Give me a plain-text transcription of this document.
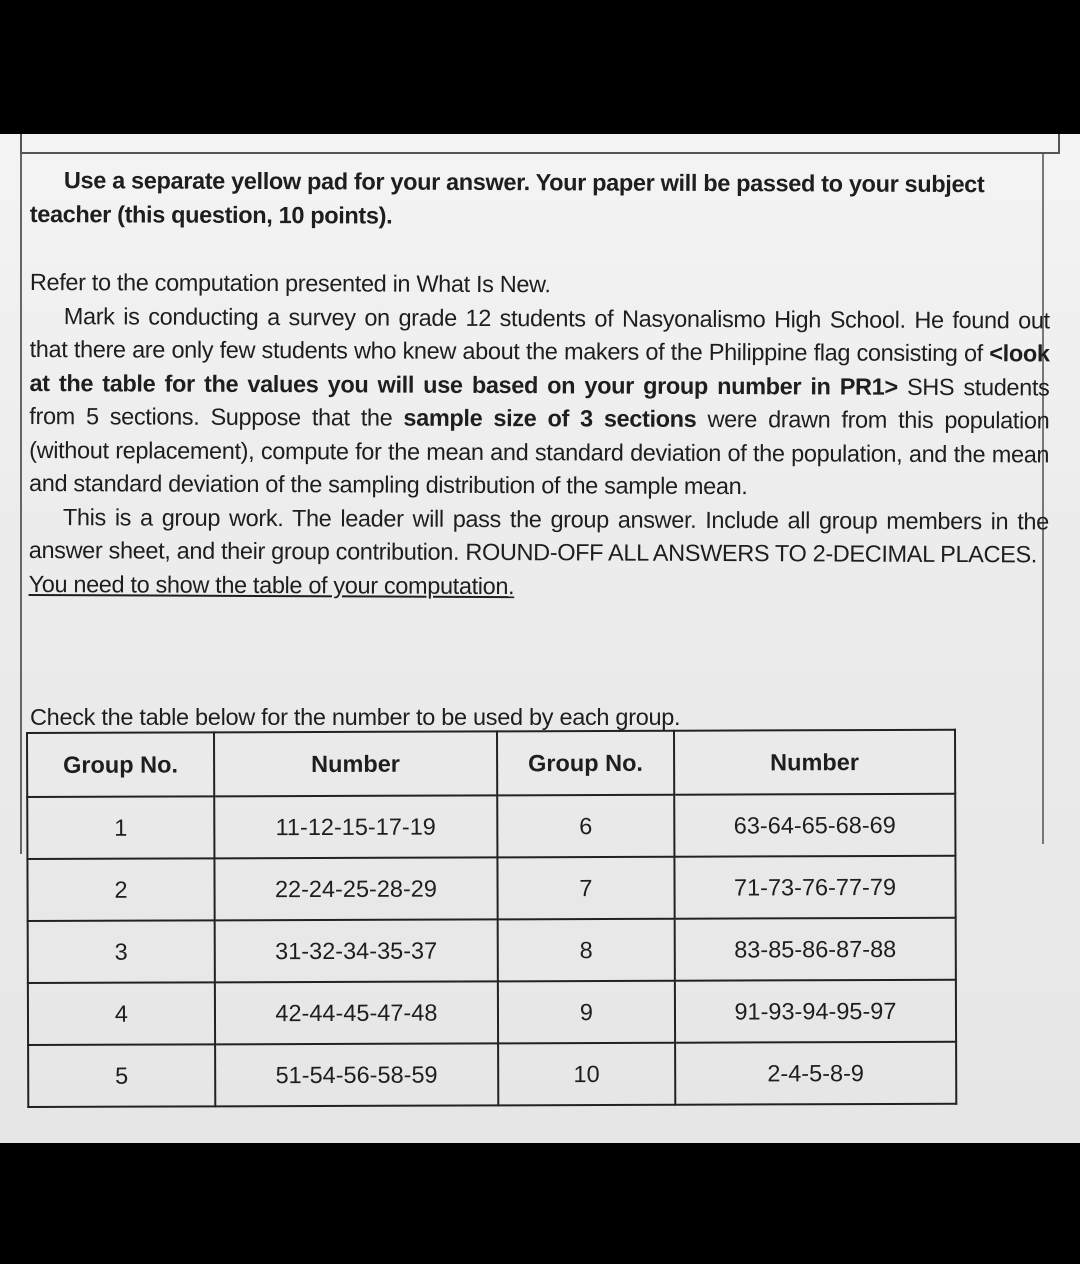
Use a separate yellow pad for your answer. Your paper will be passed to your subject
teacher (this question, 10 points).
Refer to the computation presented in What Is New.
Mark is conducting a survey on grade 12 students of Nasyonalismo High School. He found out that there are only few students who knew about the makers of the Philippine flag consisting of <look at the table for the values you will use based on your group number in PR1> SHS students from 5 sections. Suppose that the sample size of 3 sections were drawn from this population (without replacement), compute for the mean and standard deviation of the population, and the mean and standard deviation of the sampling distribution of the sample mean.
This is a group work. The leader will pass the group answer. Include all group members in the answer sheet, and their group contribution. ROUND-OFF ALL ANSWERS TO 2-DECIMAL PLACES.
You need to show the table of your computation.
Check the table below for the number to be used by each group.
Group No.	Number	Group No.	Number
1	11-12-15-17-19	6	63-64-65-68-69
2	22-24-25-28-29	7	71-73-76-77-79
3	31-32-34-35-37	8	83-85-86-87-88
4	42-44-45-47-48	9	91-93-94-95-97
5	51-54-56-58-59	10	2-4-5-8-9
